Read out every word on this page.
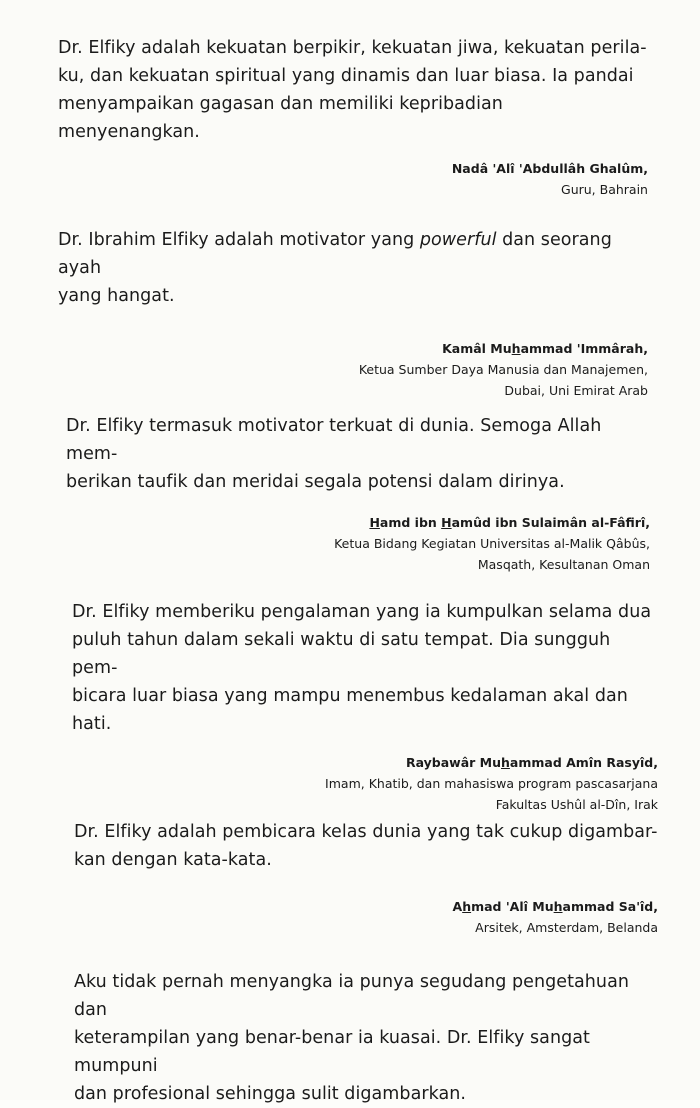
Dr. Elfiky adalah kekuatan berpikir, kekuatan jiwa, kekuatan perila-
ku, dan kekuatan spiritual yang dinamis dan luar biasa. Ia pandai
menyampaikan gagasan dan memiliki kepribadian menyenangkan.

Nadâ 'Alî 'Abdullâh Ghalûm,
Guru, Bahrain

Dr. Ibrahim Elfiky adalah motivator yang powerful dan seorang ayah
yang hangat.

Kamâl Muhammad 'Immârah,
Ketua Sumber Daya Manusia dan Manajemen,
Dubai, Uni Emirat Arab

Dr. Elfiky termasuk motivator terkuat di dunia. Semoga Allah mem-
berikan taufik dan meridai segala potensi dalam dirinya.

Hamd ibn Hamûd ibn Sulaimân al-Fâfirî,
Ketua Bidang Kegiatan Universitas al-Malik Qâbûs,
Masqath, Kesultanan Oman

Dr. Elfiky memberiku pengalaman yang ia kumpulkan selama dua
puluh tahun dalam sekali waktu di satu tempat. Dia sungguh pem-
bicara luar biasa yang mampu menembus kedalaman akal dan hati.

Raybawâr Muhammad Amîn Rasyîd,
Imam, Khatib, dan mahasiswa program pascasarjana
Fakultas Ushûl al-Dîn, Irak

Dr. Elfiky adalah pembicara kelas dunia yang tak cukup digambar-
kan dengan kata-kata.

Ahmad 'Alî Muhammad Sa'îd,
Arsitek, Amsterdam, Belanda

Aku tidak pernah menyangka ia punya segudang pengetahuan dan
keterampilan yang benar-benar ia kuasai. Dr. Elfiky sangat mumpuni
dan profesional sehingga sulit digambarkan.
